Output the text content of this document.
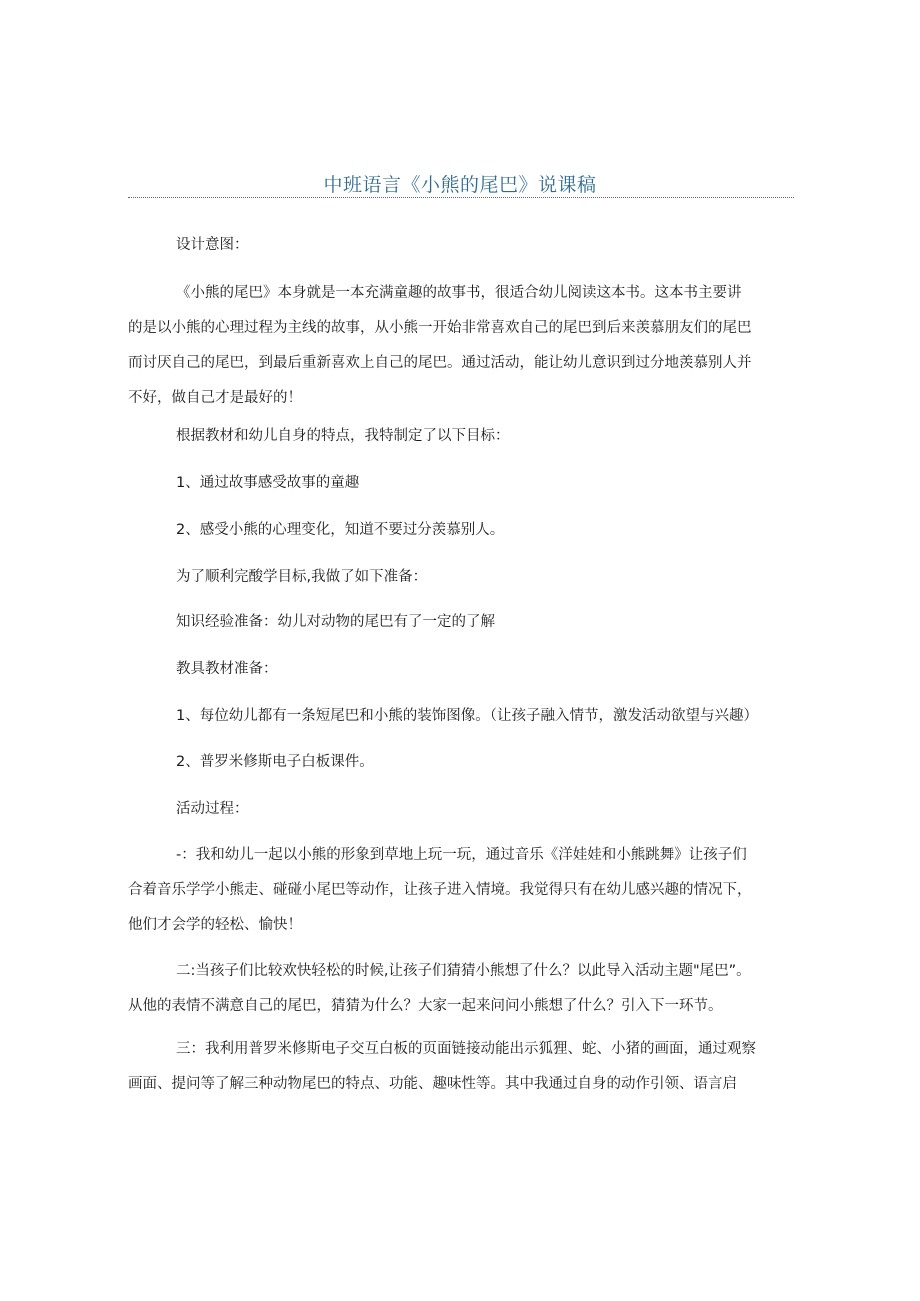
中班语言《小熊的尾巴》说课稿
设计意图：
《小熊的尾巴》本身就是一本充满童趣的故事书，很适合幼儿阅读这本书。这本书主要讲
的是以小熊的心理过程为主线的故事，从小熊一开始非常喜欢自己的尾巴到后来羡慕朋友们的尾巴
而讨厌自己的尾巴，到最后重新喜欢上自己的尾巴。通过活动，能让幼儿意识到过分地羡慕别人并
不好，做自己才是最好的！
根据教材和幼儿自身的特点，我特制定了以下目标：
1、通过故事感受故事的童趣
2、感受小熊的心理变化，知道不要过分羡慕别人。
为了顺利完酸学目标,我做了如下准备：
知识经验准备：幼儿对动物的尾巴有了一定的了解
教具教材准备：
1、每位幼儿都有一条短尾巴和小熊的装饰图像。（让孩子融入情节，激发活动欲望与兴趣）
2、普罗米修斯电子白板课件。
活动过程：
-：我和幼儿一起以小熊的形象到草地上玩一玩，通过音乐《洋娃娃和小熊跳舞》让孩子们
合着音乐学学小熊走、碰碰小尾巴等动作，让孩子进入情境。我觉得只有在幼儿感兴趣的情况下，
他们才会学的轻松、愉快！
二:当孩子们比较欢快轻松的时候,让孩子们猜猜小熊想了什么？以此导入活动主题"尾巴”。
从他的表情不满意自己的尾巴，猜猜为什么？大家一起来问问小熊想了什么？引入下一环节。
三：我利用普罗米修斯电子交互白板的页面链接动能出示狐狸、蛇、小猪的画面，通过观察
画面、提问等了解三种动物尾巴的特点、功能、趣味性等。其中我通过自身的动作引领、语言启
